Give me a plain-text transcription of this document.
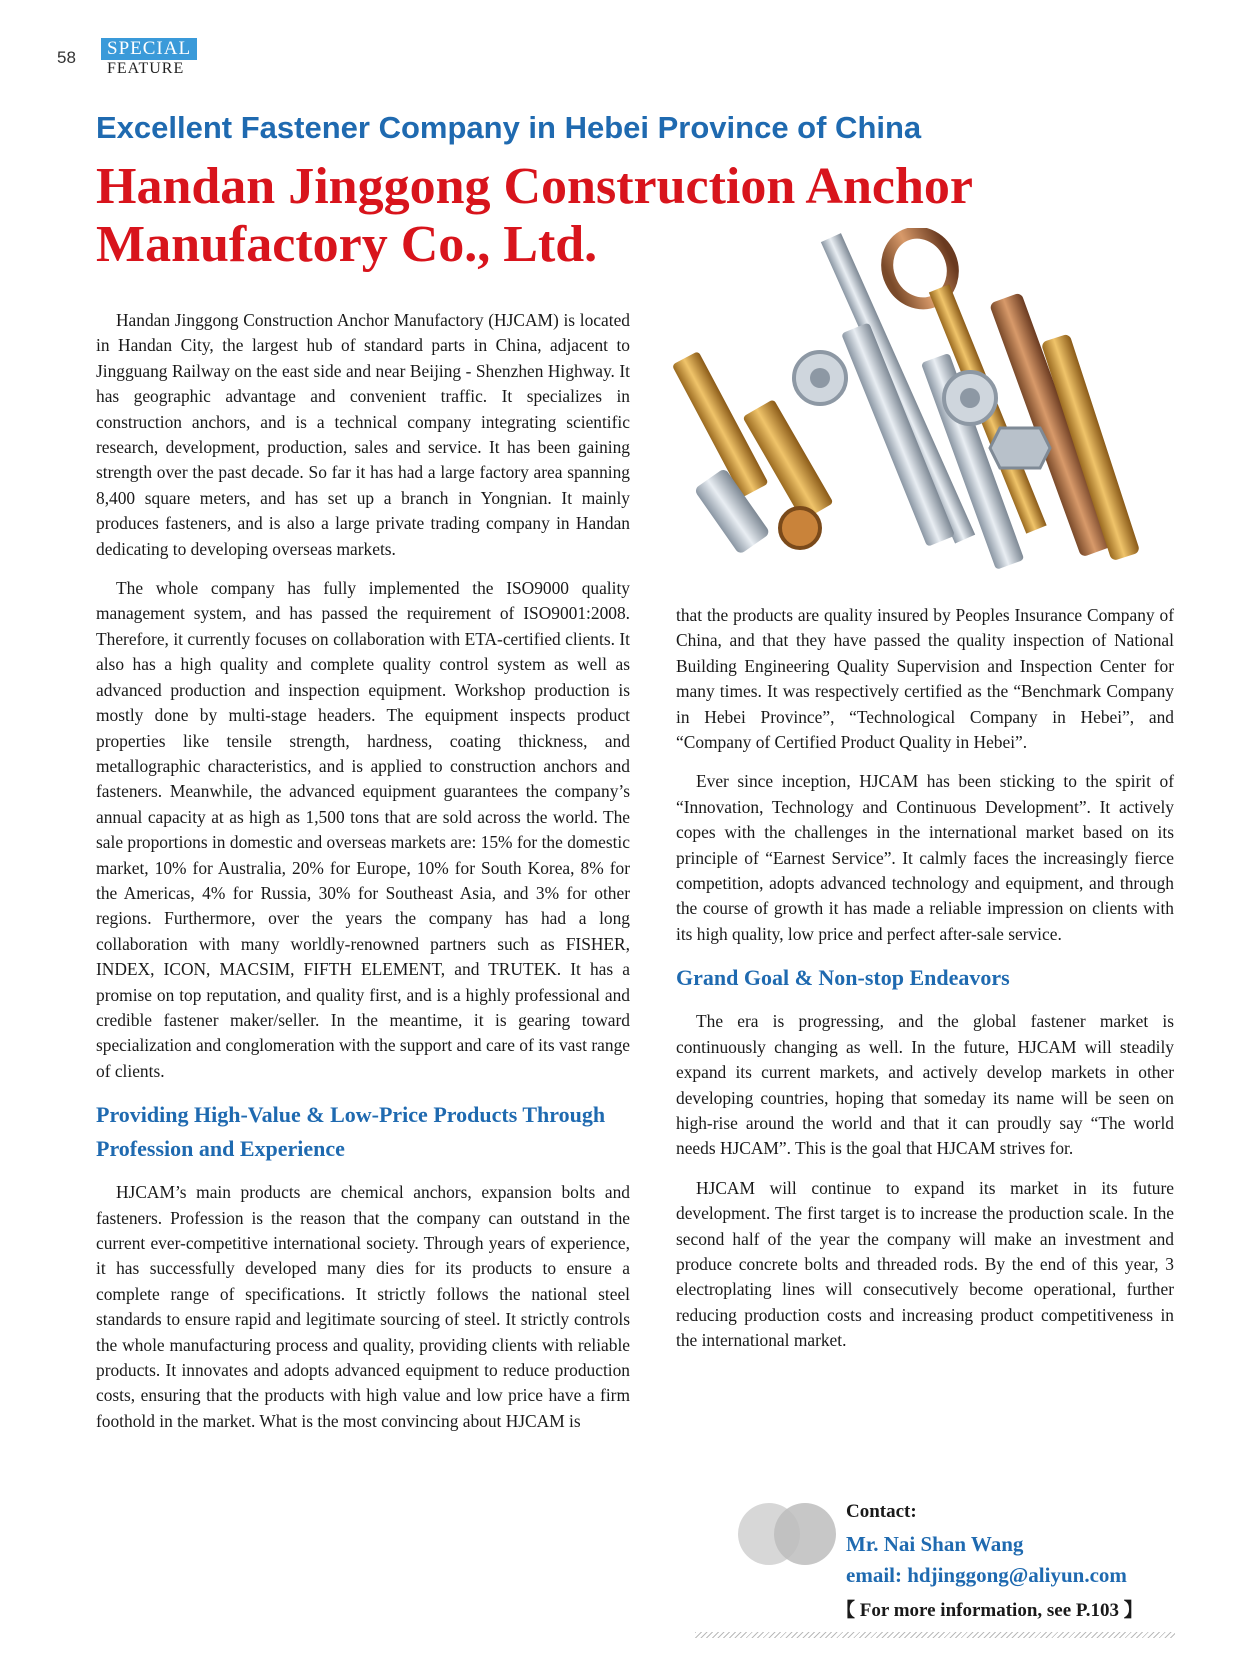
58	SPECIAL
FEATURE
Excellent Fastener Company in Hebei Province of China
Handan Jinggong Construction Anchor Manufactory Co., Ltd.

Handan Jinggong Construction Anchor Manufactory (HJCAM) is located in Handan City, the largest hub of standard parts in China, adjacent to Jingguang Railway on the east side and near Beijing - Shenzhen Highway. It has geographic advantage and convenient traffic. It specializes in construction anchors, and is a technical company integrating scientific research, development, production, sales and service. It has been gaining strength over the past decade. So far it has had a large factory area spanning 8,400 square meters, and has set up a branch in Yongnian. It mainly produces fasteners, and is also a large private trading company in Handan dedicating to developing overseas markets.

The whole company has fully implemented the ISO9000 quality management system, and has passed the requirement of ISO9001:2008. Therefore, it currently focuses on collaboration with ETA-certified clients. It also has a high quality and complete quality control system as well as advanced production and inspection equipment. Workshop production is mostly done by multi-stage headers. The equipment inspects product properties like tensile strength, hardness, coating thickness, and metallographic characteristics, and is applied to construction anchors and fasteners. Meanwhile, the advanced equipment guarantees the company’s annual capacity at as high as 1,500 tons that are sold across the world. The sale proportions in domestic and overseas markets are: 15% for the domestic market, 10% for Australia, 20% for Europe, 10% for South Korea, 8% for the Americas, 4% for Russia, 30% for Southeast Asia, and 3% for other regions. Furthermore, over the years the company has had a long collaboration with many worldly-renowned partners such as FISHER, INDEX, ICON, MACSIM, FIFTH ELEMENT, and TRUTEK. It has a promise on top reputation, and quality first, and is a highly professional and credible fastener maker/seller. In the meantime, it is gearing toward specialization and conglomeration with the support and care of its vast range of clients.

Providing High-Value & Low-Price Products Through Profession and Experience

HJCAM’s main products are chemical anchors, expansion bolts and fasteners. Profession is the reason that the company can outstand in the current ever-competitive international society. Through years of experience, it has successfully developed many dies for its products to ensure a complete range of specifications. It strictly follows the national steel standards to ensure rapid and legitimate sourcing of steel. It strictly controls the whole manufacturing process and quality, providing clients with reliable products. It innovates and adopts advanced equipment to reduce production costs, ensuring that the products with high value and low price have a firm foothold in the market. What is the most convincing about HJCAM is

that the products are quality insured by Peoples Insurance Company of China, and that they have passed the quality inspection of National Building Engineering Quality Supervision and Inspection Center for many times. It was respectively certified as the “Benchmark Company in Hebei Province”, “Technological Company in Hebei”, and “Company of Certified Product Quality in Hebei”.

Ever since inception, HJCAM has been sticking to the spirit of “Innovation, Technology and Continuous Development”. It actively copes with the challenges in the international market based on its principle of “Earnest Service”. It calmly faces the increasingly fierce competition, adopts advanced technology and equipment, and through the course of growth it has made a reliable impression on clients with its high quality, low price and perfect after-sale service.

Grand Goal & Non-stop Endeavors

The era is progressing, and the global fastener market is continuously changing as well. In the future, HJCAM will steadily expand its current markets, and actively develop markets in other developing countries, hoping that someday its name will be seen on high-rise around the world and that it can proudly say “The world needs HJCAM”. This is the goal that HJCAM strives for.

HJCAM will continue to expand its market in its future development. The first target is to increase the production scale. In the second half of the year the company will make an investment and produce concrete bolts and threaded rods. By the end of this year, 3 electroplating lines will consecutively become operational, further reducing production costs and increasing product competitiveness in the international market.

Contact:
Mr. Nai Shan Wang
email: hdjinggong@aliyun.com
【 For more information, see P.103 】
